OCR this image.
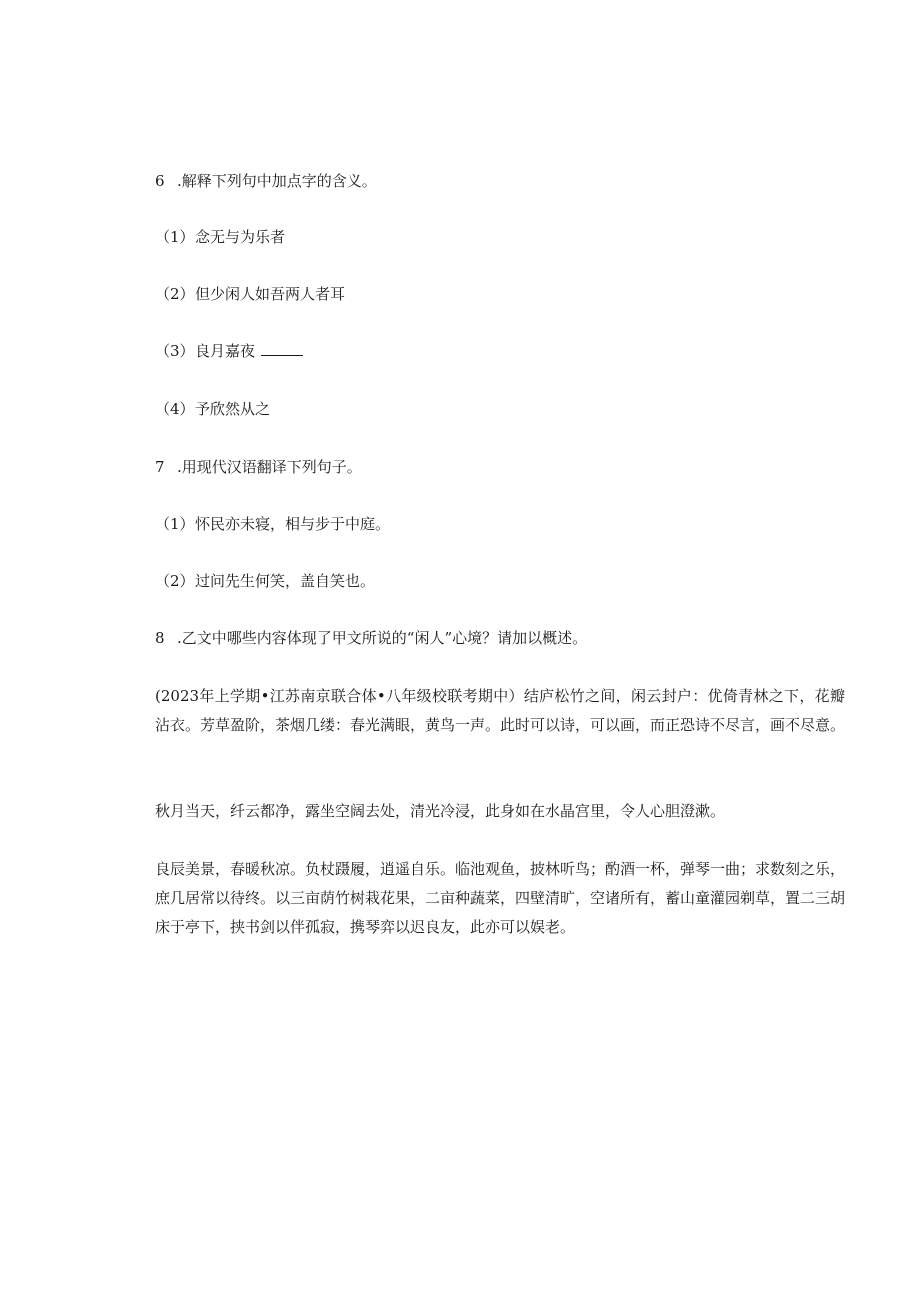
6 .解释下列句中加点字的含义。
（1）念无与为乐者
（2）但少闲人如吾两人者耳
（3）良月嘉夜
（4）予欣然从之
7 .用现代汉语翻译下列句子。
（1）怀民亦未寝，相与步于中庭。
（2）过问先生何笑，盖自笑也。
8 .乙文中哪些内容体现了甲文所说的“闲人”心境？请加以概述。
(2023年上学期•江苏南京联合体•八年级校联考期中）结庐松竹之间，闲云封户：优倚青林之下，花瓣沾衣。芳草盈阶，茶烟几缕：春光满眼，黄鸟一声。此时可以诗，可以画，而正恐诗不尽言，画不尽意。
秋月当天，纤云都净，露坐空阔去处，清光冷浸，此身如在水晶宫里，令人心胆澄漱。
良辰美景，春暖秋凉。负杖蹑履，逍遥自乐。临池观鱼，披林听鸟；酌酒一杯，弹琴一曲；求数刻之乐，庶几居常以待终。以三亩荫竹树栽花果，二亩种蔬菜，四壁清旷，空诸所有，蓄山童灌园剃草，置二三胡床于亭下，挟书剑以伴孤寂，携琴弈以迟良友，此亦可以娱老。
